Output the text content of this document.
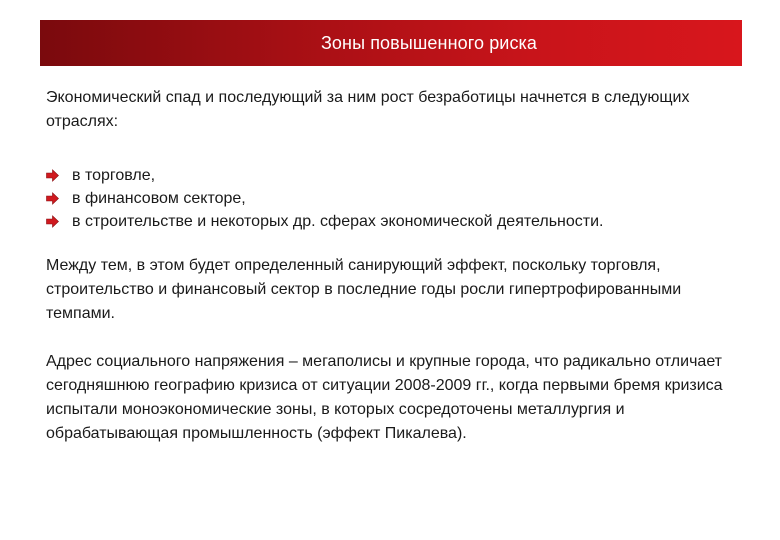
Зоны повышенного риска

Экономический спад и последующий за ним рост безработицы начнется в следующих отраслях:

в торговле,
в финансовом секторе,
в строительстве и некоторых др. сферах экономической деятельности.

Между тем, в этом будет определенный санирующий эффект, поскольку торговля, строительство и финансовый сектор в последние годы росли гипертрофированными темпами.

Адрес социального напряжения – мегаполисы и крупные города, что радикально отличает сегодняшнюю географию кризиса от ситуации 2008-2009 гг., когда первыми бремя кризиса испытали моноэкономические зоны, в которых сосредоточены металлургия и обрабатывающая промышленность (эффект Пикалева).
